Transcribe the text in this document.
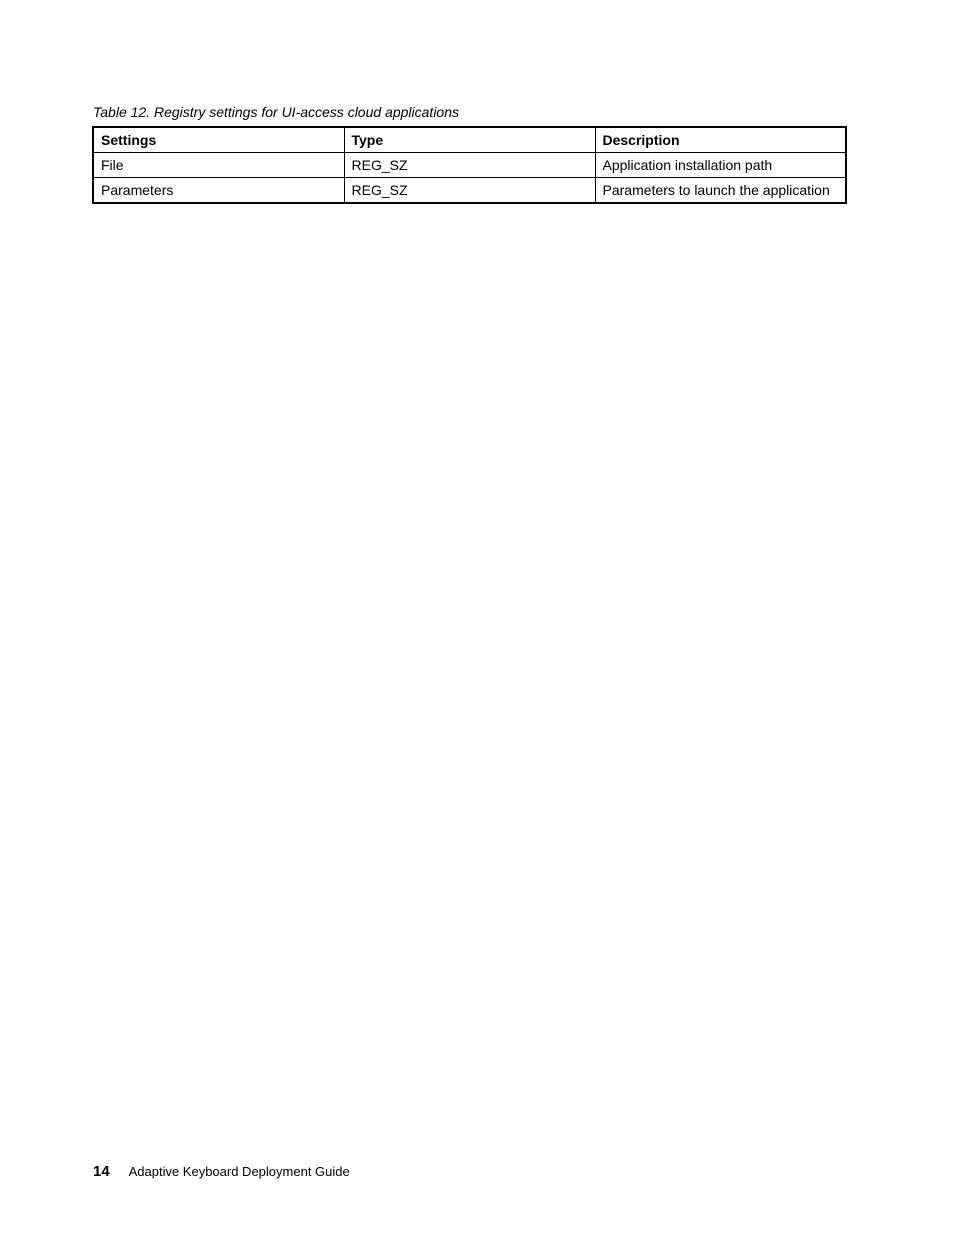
Table 12. Registry settings for UI-access cloud applications
Settings	Type	Description
File	REG_SZ	Application installation path
Parameters	REG_SZ	Parameters to launch the application
14 Adaptive Keyboard Deployment Guide
